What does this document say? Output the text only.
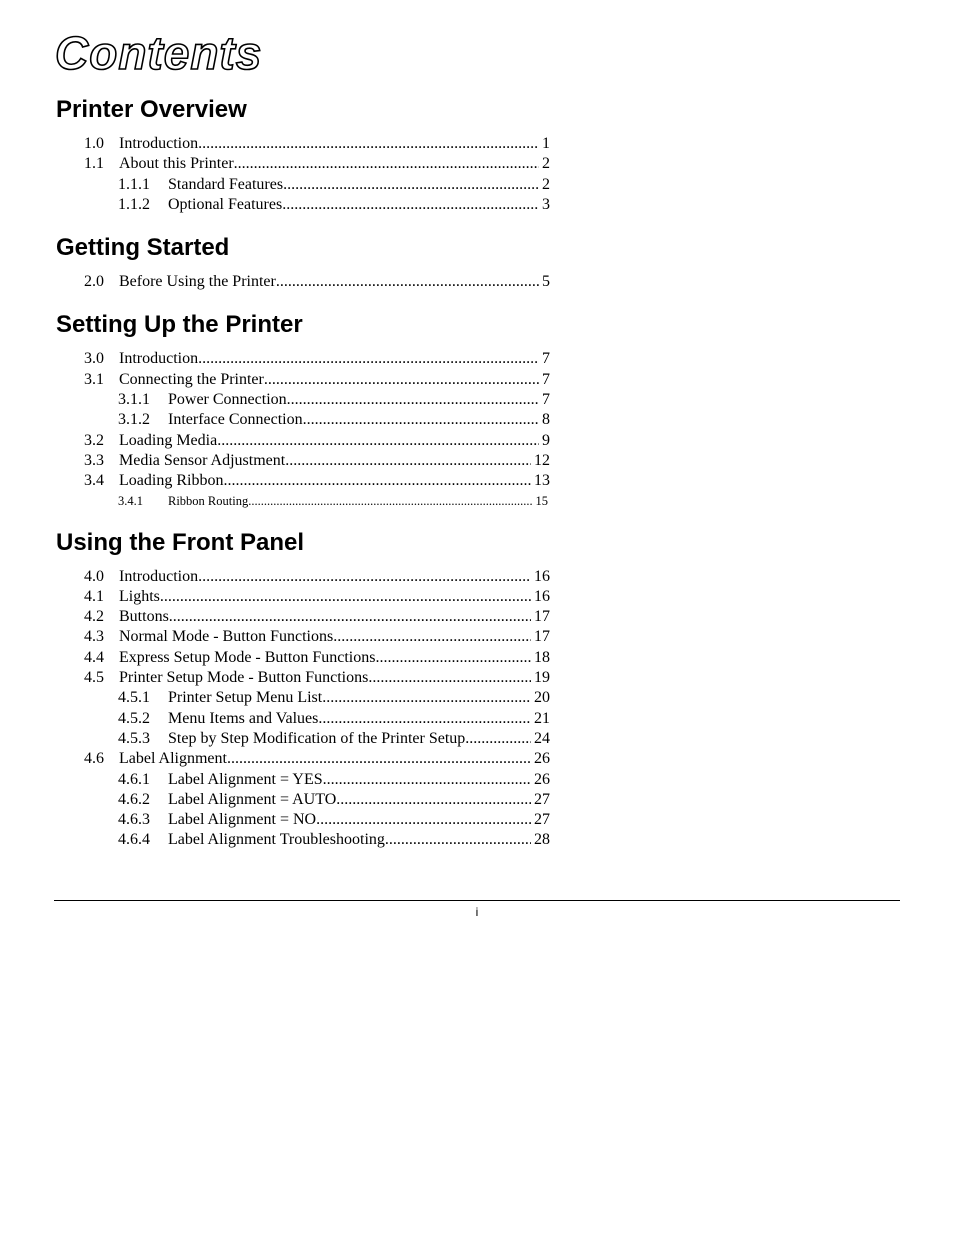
Contents
Printer Overview
1.0 Introduction .....	1
1.1 About this Printer .....	2
1.1.1 Standard Features .....	2
1.1.2 Optional Features .....	3
Getting Started
2.0 Before Using the Printer .....	5
Setting Up the Printer
3.0 Introduction .....	7
3.1 Connecting the Printer .....	7
3.1.1 Power Connection .....	7
3.1.2 Interface Connection .....	8
3.2 Loading Media .....	9
3.3 Media Sensor Adjustment .....	12
3.4 Loading Ribbon .....	13
3.4.1 Ribbon Routing .....	15
Using the Front Panel
4.0 Introduction .....	16
4.1 Lights .....	16
4.2 Buttons .....	17
4.3 Normal Mode - Button Functions .....	17
4.4 Express Setup Mode - Button Functions .....	18
4.5 Printer Setup Mode - Button Functions .....	19
4.5.1 Printer Setup Menu List .....	20
4.5.2 Menu Items and Values .....	21
4.5.3 Step by Step Modification of the Printer Setup .....	24
4.6 Label Alignment .....	26
4.6.1 Label Alignment = YES .....	26
4.6.2 Label Alignment = AUTO .....	27
4.6.3 Label Alignment = NO .....	27
4.6.4 Label Alignment Troubleshooting .....	28
i
